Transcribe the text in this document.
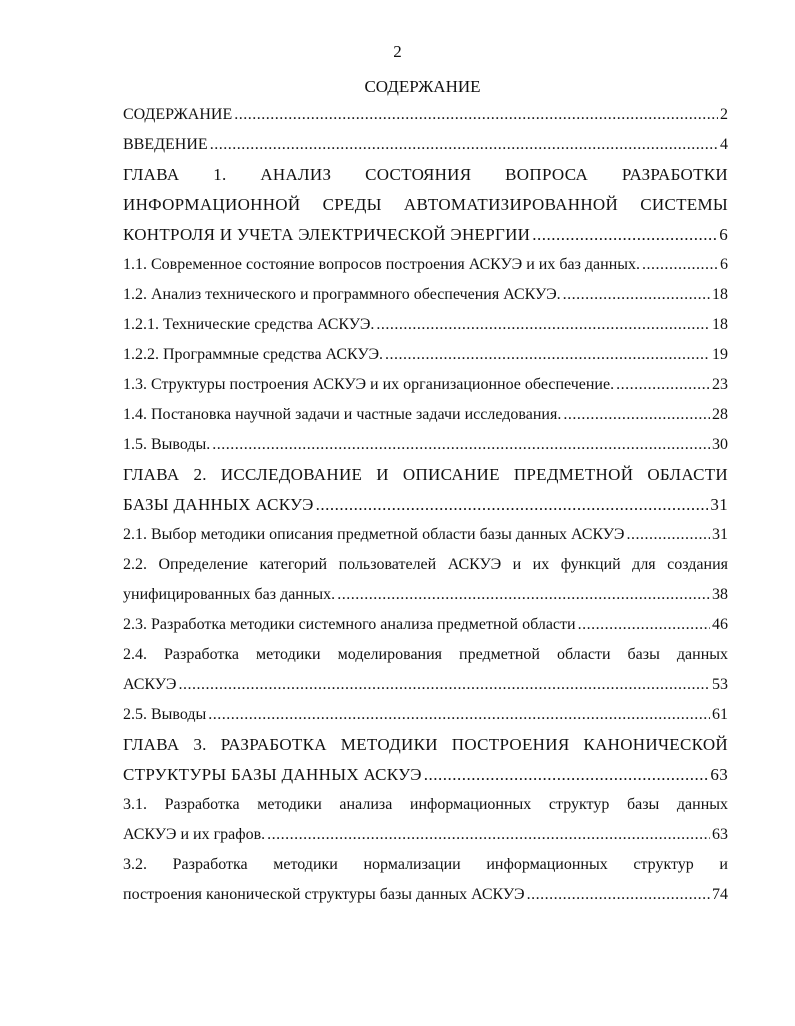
2
СОДЕРЖАНИЕ
СОДЕРЖАНИЕ .....	2
ВВЕДЕНИЕ .....	4
ГЛАВА 1. АНАЛИЗ СОСТОЯНИЯ ВОПРОСА РАЗРАБОТКИ
ИНФОРМАЦИОННОЙ СРЕДЫ АВТОМАТИЗИРОВАННОЙ СИСТЕМЫ
КОНТРОЛЯ И УЧЕТА ЭЛЕКТРИЧЕСКОЙ ЭНЕРГИИ .....	6
1.1. Современное состояние вопросов построения АСКУЭ и их баз данных. .....	6
1.2. Анализ технического и программного обеспечения АСКУЭ. .....	18
1.2.1. Технические средства АСКУЭ. .....	18
1.2.2. Программные средства АСКУЭ. .....	19
1.3. Структуры построения АСКУЭ и их организационное обеспечение. .....	23
1.4. Постановка научной задачи и частные задачи исследования. .....	28
1.5. Выводы. .....	30
ГЛАВА 2. ИССЛЕДОВАНИЕ И ОПИСАНИЕ ПРЕДМЕТНОЙ ОБЛАСТИ
БАЗЫ ДАННЫХ АСКУЭ .....	31
2.1. Выбор методики описания предметной области базы данных АСКУЭ .....	31
2.2. Определение категорий пользователей АСКУЭ и их функций для создания
унифицированных баз данных. .....	38
2.3. Разработка методики системного анализа предметной области .....	46
2.4. Разработка методики моделирования предметной области базы данных
АСКУЭ .....	53
2.5. Выводы .....	61
ГЛАВА 3. РАЗРАБОТКА МЕТОДИКИ ПОСТРОЕНИЯ КАНОНИЧЕСКОЙ
СТРУКТУРЫ БАЗЫ ДАННЫХ АСКУЭ .....	63
3.1. Разработка методики анализа информационных структур базы данных
АСКУЭ и их графов. .....	63
3.2. Разработка методики нормализации информационных структур и
построения канонической структуры базы данных АСКУЭ .....	74
